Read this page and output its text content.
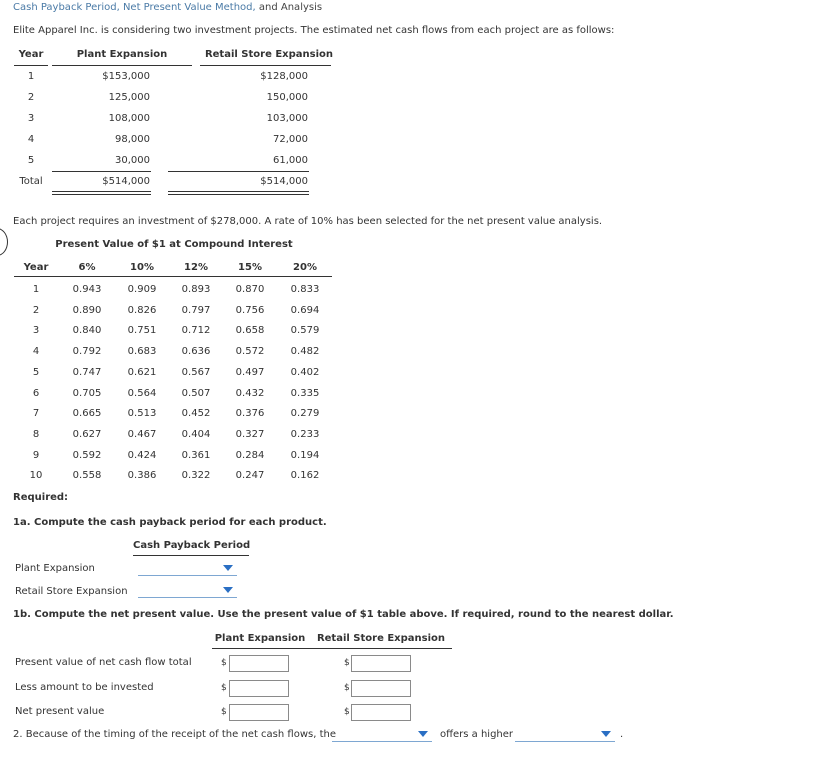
Cash Payback Period, Net Present Value Method, and Analysis
Elite Apparel Inc. is considering two investment projects. The estimated net cash flows from each project are as follows:
Year	Plant Expansion	Retail Store Expansion
1	$153,000	$128,000
2	125,000	150,000
3	108,000	103,000
4	98,000	72,000
5	30,000	61,000
Total	$514,000	$514,000
Each project requires an investment of $278,000. A rate of 10% has been selected for the net present value analysis.
Present Value of $1 at Compound Interest
Year	6%	10%	12%	15%	20%
1	0.943	0.909	0.893	0.870	0.833
2	0.890	0.826	0.797	0.756	0.694
3	0.840	0.751	0.712	0.658	0.579
4	0.792	0.683	0.636	0.572	0.482
5	0.747	0.621	0.567	0.497	0.402
6	0.705	0.564	0.507	0.432	0.335
7	0.665	0.513	0.452	0.376	0.279
8	0.627	0.467	0.404	0.327	0.233
9	0.592	0.424	0.361	0.284	0.194
10	0.558	0.386	0.322	0.247	0.162
Required:
1a. Compute the cash payback period for each product.
Cash Payback Period
Plant Expansion
Retail Store Expansion
1b. Compute the net present value. Use the present value of $1 table above. If required, round to the nearest dollar.
Plant Expansion Retail Store Expansion
Present value of net cash flow total	$	$
Less amount to be invested	$	$
Net present value	$	$
2. Because of the timing of the receipt of the net cash flows, the	offers a higher	.
